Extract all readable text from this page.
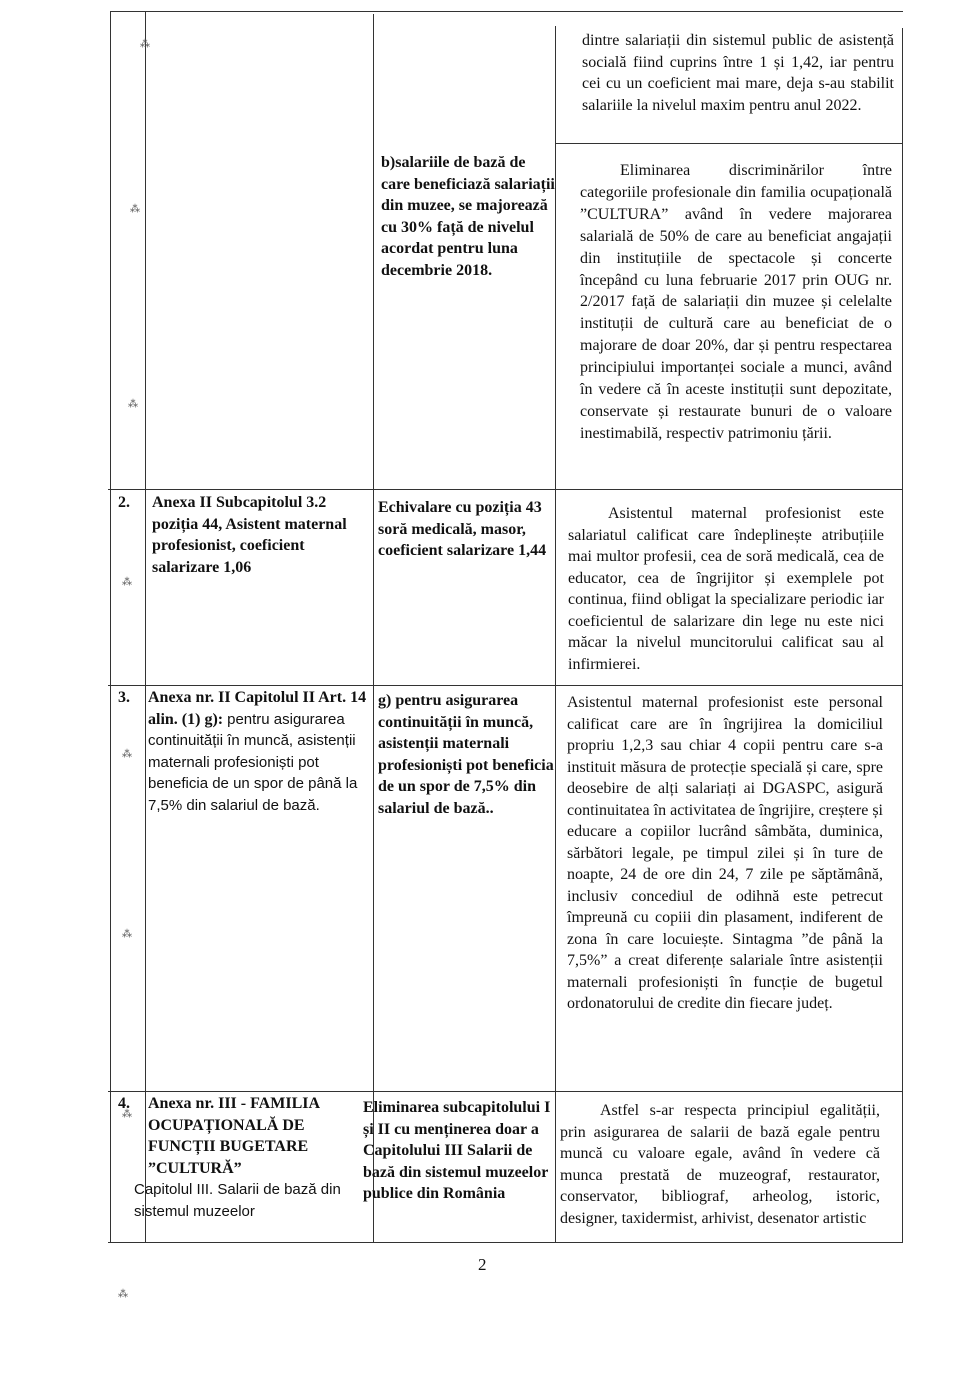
dintre salariații din sistemul public de asistență socială fiind cuprins între 1 și 1,42, iar pentru cei cu un coeficient mai mare, deja s-au stabilit salariile la nivelul maxim pentru anul 2022.
b)salariile de bază de care beneficiază salariații din muzee, se majorează cu 30% față de nivelul acordat pentru luna decembrie 2018.
Eliminarea discriminărilor între categoriile profesionale din familia ocupațională ”CULTURA” având în vedere majorarea salarială de 50% de care au beneficiat angajații din instituțiile de spectacole și concerte începând cu luna februarie 2017 prin OUG nr. 2/2017 față de salariații din muzee și celelalte instituții de cultură care au beneficiat de o majorare de doar 20%, dar și pentru respectarea principiului importanței sociale a munci, având în vedere că în aceste instituții sunt depozitate, conservate și restaurate bunuri de o valoare inestimabilă, respectiv patrimoniu țării.
2. Anexa II Subcapitolul 3.2 poziția 44, Asistent maternal profesionist, coeficient salarizare 1,06
Echivalare cu poziția 43 soră medicală, masor, coeficient salarizare 1,44
Asistentul maternal profesionist este salariatul calificat care îndeplinește atribuțiile mai multor profesii, cea de soră medicală, cea de educator, cea de îngrijitor și exemplele pot continua, fiind obligat la specializare periodic iar coeficientul de salarizare din lege nu este nici măcar la nivelul muncitorului calificat sau al infirmierei.
3. Anexa nr. II Capitolul II Art. 14 alin. (1) g): pentru asigurarea continuității în muncă, asistenții maternali profesioniști pot beneficia de un spor de până la 7,5% din salariul de bază.
g) pentru asigurarea continuității în muncă, asistenții maternali profesioniști pot beneficia de un spor de 7,5% din salariul de bază..
Asistentul maternal profesionist este personal calificat care are în îngrijirea la domiciliul propriu 1,2,3 sau chiar 4 copii pentru care s-a instituit măsura de protecție specială și care, spre deosebire de alți salariați ai DGASPC, asigură continuitatea în activitatea de îngrijire, creștere și educare a copiilor lucrând sâmbăta, duminica, sărbători legale, pe timpul zilei și în ture de noapte, 24 de ore din 24, 7 zile pe săptămână, inclusiv concediul de odihnă este petrecut împreună cu copiii din plasament, indiferent de zona în care locuiește. Sintagma ”de până la 7,5%” a creat diferențe salariale între asistenții maternali profesioniști în funcție de bugetul ordonatorului de credite din fiecare județ.
4.	Anexa nr. III - FAMILIA OCUPAȚIONALĂ DE FUNCȚII BUGETARE ”CULTURĂ”
Capitolul III. Salarii de bază din sistemul muzeelor
Eliminarea subcapitolului I și II cu menținerea doar a Capitolului III Salarii de bază din sistemul muzeelor publice din România
Astfel s-ar respecta principiul egalității, prin asigurarea de salarii de bază egale pentru muncă cu valoare egale, având în vedere că munca prestată de muzeograf, restaurator, conservator, bibliograf, arheolog, istoric, designer, taxidermist, arhivist, desenator artistic
2
⁂
⁂
⁂
⁂
⁂
⁂
⁂
⁂
